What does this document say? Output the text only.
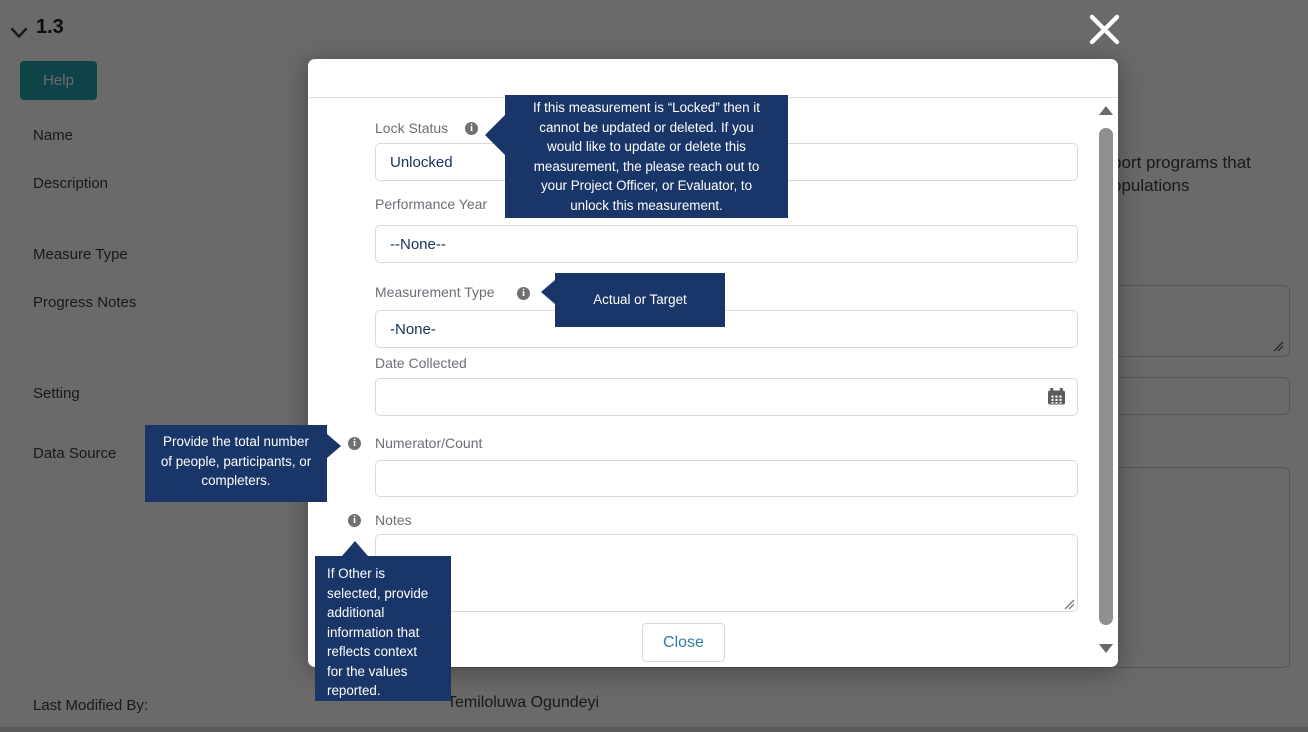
Lock Status	i
Unlocked
Performance Year
--None--
Measurement Type	i
-None-
Date Collected
i	Numerator/Count
i	Notes
Close
If this measurement is “Locked” then it
cannot be updated or deleted. If you
would like to update or delete this
measurement, the please reach out to
your Project Officer, or Evaluator, to
unlock this measurement.
Actual or Target
Provide the total number
of people, participants, or
completers.
If Other is
selected, provide
additional
information that
reflects context
for the values
reported.
